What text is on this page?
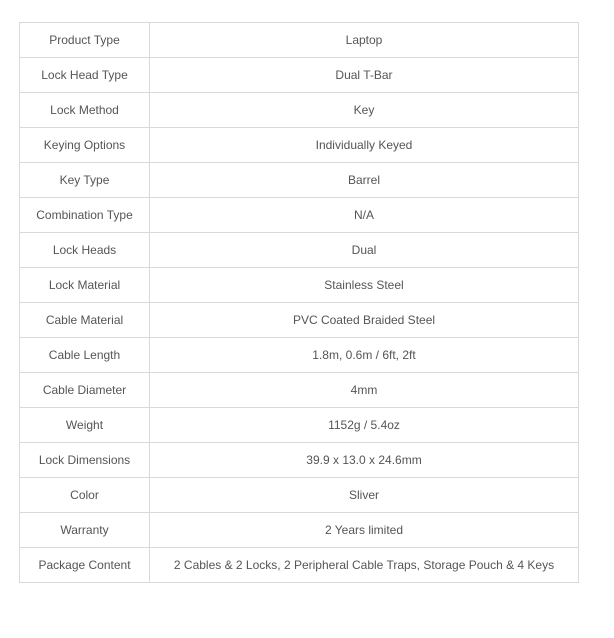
Product Type	Laptop
Lock Head Type	Dual T-Bar
Lock Method	Key
Keying Options	Individually Keyed
Key Type	Barrel
Combination Type	N/A
Lock Heads	Dual
Lock Material	Stainless Steel
Cable Material	PVC Coated Braided Steel
Cable Length	1.8m, 0.6m / 6ft, 2ft
Cable Diameter	4mm
Weight	1152g / 5.4oz
Lock Dimensions	39.9 x 13.0 x 24.6mm
Color	Sliver
Warranty	2 Years limited
Package Content	2 Cables & 2 Locks, 2 Peripheral Cable Traps, Storage Pouch & 4 Keys
